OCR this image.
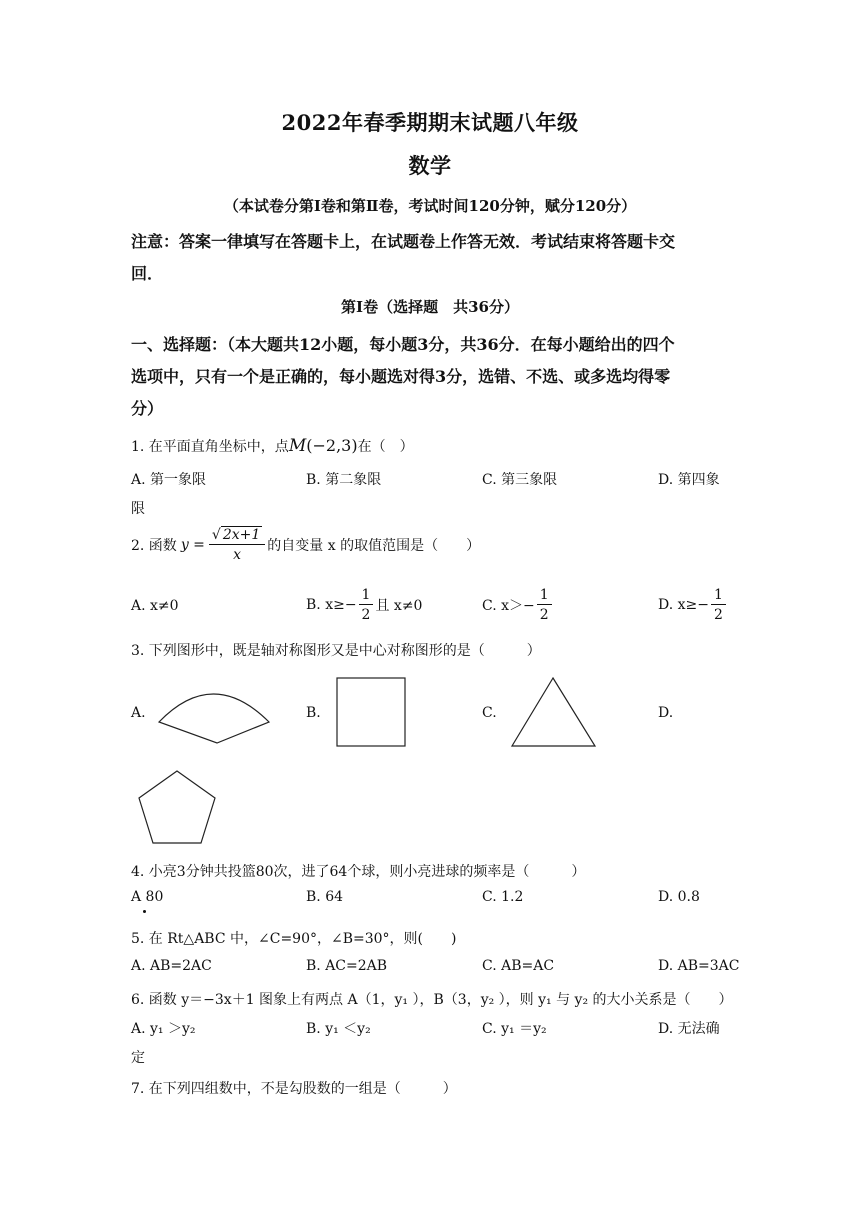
2022年春季期期末试题八年级
数学
（本试卷分第Ⅰ卷和第Ⅱ卷，考试时间120分钟，赋分120分）
注意：答案一律填写在答题卡上，在试题卷上作答无效．考试结束将答题卡交
回．
第Ⅰ卷（选择题　共36分）
一、选择题：（本大题共12小题，每小题3分，共36分．在每小题给出的四个
选项中，只有一个是正确的，每小题选对得3分，选错、不选、或多选均得零
分）
1. 在平面直角坐标中，点M(−2,3)在（　）
A. 第一象限	B. 第二象限	C. 第三象限	D. 第四象
限
2. 函数 $y = \frac{√ 2x+1}{x}$ 的自变量 x 的取值范围是（　　）
A. x≠0	B. $x\ge- \frac{1}{2}$ 且 x≠0	C. $x>- \frac{1}{2}$	D. $x\ge- \frac{1}{2}$
3. 下列图形中，既是轴对称图形又是中心对称图形的是（　　　）
A.	B.	C.	D.
4. 小亮3分钟共投篮80次，进了64个球，则小亮进球的频率是（　　　）
A 80	B. 64	C. 1.2	D. 0.8
5. 在 Rt△ABC 中，∠C=90°，∠B=30°，则(　　)
A. AB=2AC	B. AC=2AB	C. AB=AC	D. AB=3AC
6. 函数 y＝−3x＋1 图象上有两点 A（1，y₁ ），B（3，y₂ ），则 y₁ 与 y₂ 的大小关系是（　　）
A. y₁ ＞y₂	B. y₁ ＜y₂	C. y₁ ＝y₂	D. 无法确
定
7. 在下列四组数中，不是勾股数的一组是（　　　）
